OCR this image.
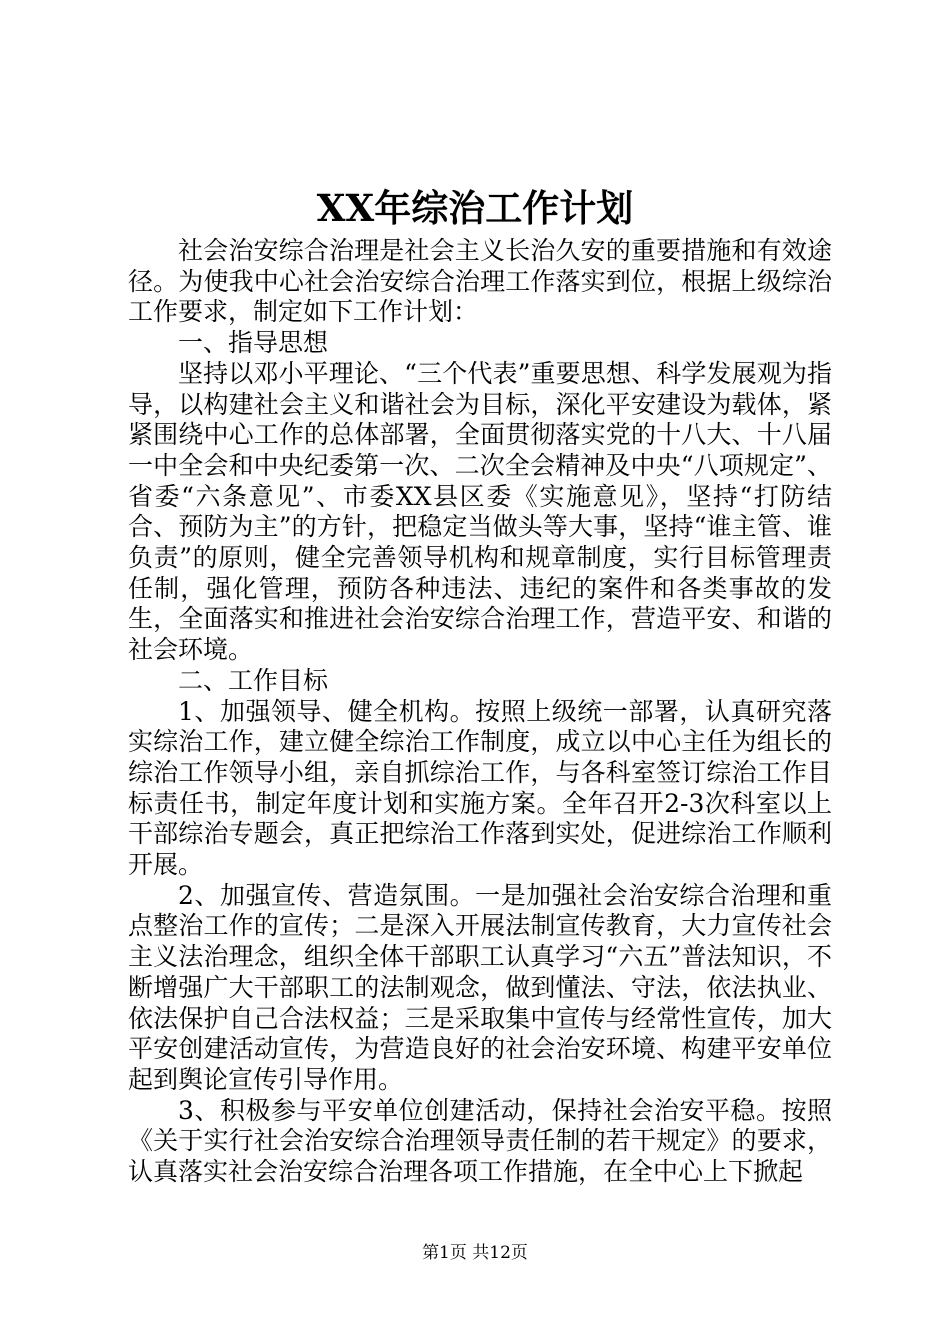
XX年综治工作计划

社会治安综合治理是社会主义长治久安的重要措施和有效途径。为使我中心社会治安综合治理工作落实到位，根据上级综治工作要求，制定如下工作计划：

一、指导思想

坚持以邓小平理论、“三个代表”重要思想、科学发展观为指导，以构建社会主义和谐社会为目标，深化平安建设为载体，紧紧围绕中心工作的总体部署，全面贯彻落实党的十八大、十八届一中全会和中央纪委第一次、二次全会精神及中央“八项规定”、省委“六条意见”、市委XX县区委《实施意见》，坚持“打防结合、预防为主”的方针，把稳定当做头等大事，坚持“谁主管、谁负责”的原则，健全完善领导机构和规章制度，实行目标管理责任制，强化管理，预防各种违法、违纪的案件和各类事故的发生，全面落实和推进社会治安综合治理工作，营造平安、和谐的社会环境。

二、工作目标

1、加强领导、健全机构。按照上级统一部署，认真研究落实综治工作，建立健全综治工作制度，成立以中心主任为组长的综治工作领导小组，亲自抓综治工作，与各科室签订综治工作目标责任书，制定年度计划和实施方案。全年召开2-3次科室以上干部综治专题会，真正把综治工作落到实处，促进综治工作顺利开展。

2、加强宣传、营造氛围。一是加强社会治安综合治理和重点整治工作的宣传；二是深入开展法制宣传教育，大力宣传社会主义法治理念，组织全体干部职工认真学习“六五”普法知识，不断增强广大干部职工的法制观念，做到懂法、守法，依法执业、依法保护自己合法权益；三是采取集中宣传与经常性宣传，加大平安创建活动宣传，为营造良好的社会治安环境、构建平安单位起到舆论宣传引导作用。

3、积极参与平安单位创建活动，保持社会治安平稳。按照《关于实行社会治安综合治理领导责任制的若干规定》的要求，认真落实社会治安综合治理各项工作措施，在全中心上下掀起

第1页 共12页
